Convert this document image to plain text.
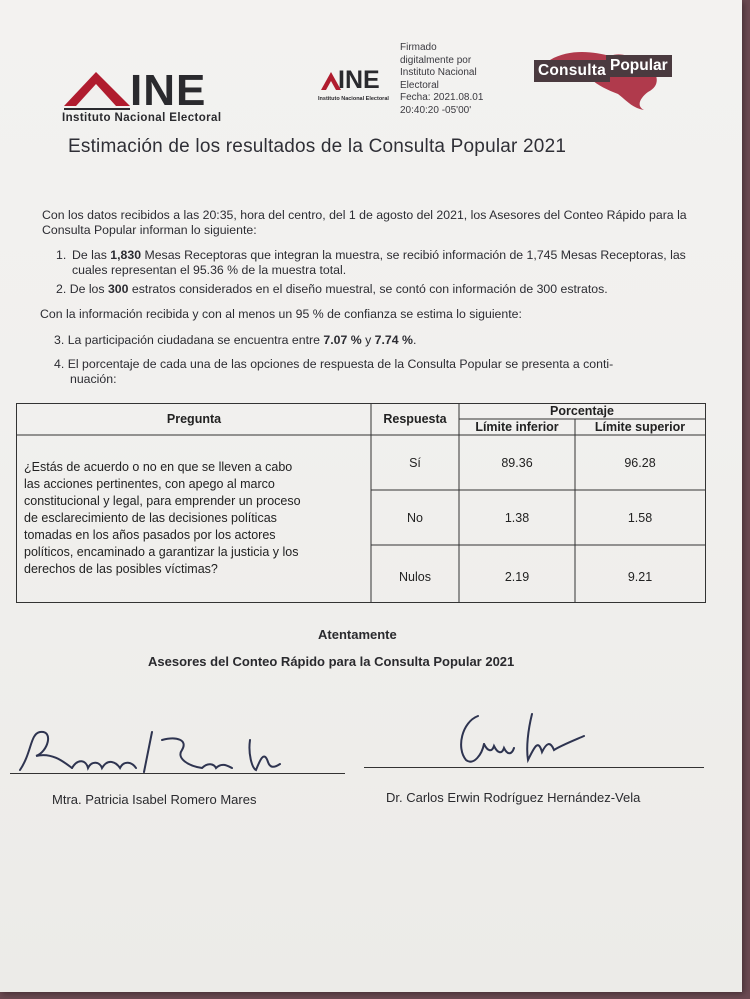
INE
Instituto Nacional Electoral
INE
Instituto Nacional Electoral
Firmado
digitalmente por
Instituto Nacional
Electoral
Fecha: 2021.08.01
20:40:20 -05'00'
Consulta Popular
Estimación de los resultados de la Consulta Popular 2021
Con los datos recibidos a las 20:35, hora del centro, del 1 de agosto del 2021, los Asesores del Conteo Rápido para la Consulta Popular informan lo siguiente:
1. De las 1,830 Mesas Receptoras que integran la muestra, se recibió información de 1,745 Mesas Receptoras, las cuales representan el 95.36 % de la muestra total.
2. De los 300 estratos considerados en el diseño muestral, se contó con información de 300 estratos.
Con la información recibida y con al menos un 95 % de confianza se estima lo siguiente:
3. La participación ciudadana se encuentra entre 7.07 % y 7.74 %.
4. El porcentaje de cada una de las opciones de respuesta de la Consulta Popular se presenta a conti-
nuación:
Pregunta	Respuesta
Porcentaje
Límite inferior	Límite superior
¿Estás de acuerdo o no en que se lleven a cabo
las acciones pertinentes, con apego al marco
constitucional y legal, para emprender un proceso
de esclarecimiento de las decisiones políticas
tomadas en los años pasados por los actores
políticos, encaminado a garantizar la justicia y los
derechos de las posibles víctimas?
Sí	89.36	96.28
No	1.38	1.58
Nulos	2.19	9.21
Atentamente
Asesores del Conteo Rápido para la Consulta Popular 2021
Mtra. Patricia Isabel Romero Mares	Dr. Carlos Erwin Rodríguez Hernández-Vela
